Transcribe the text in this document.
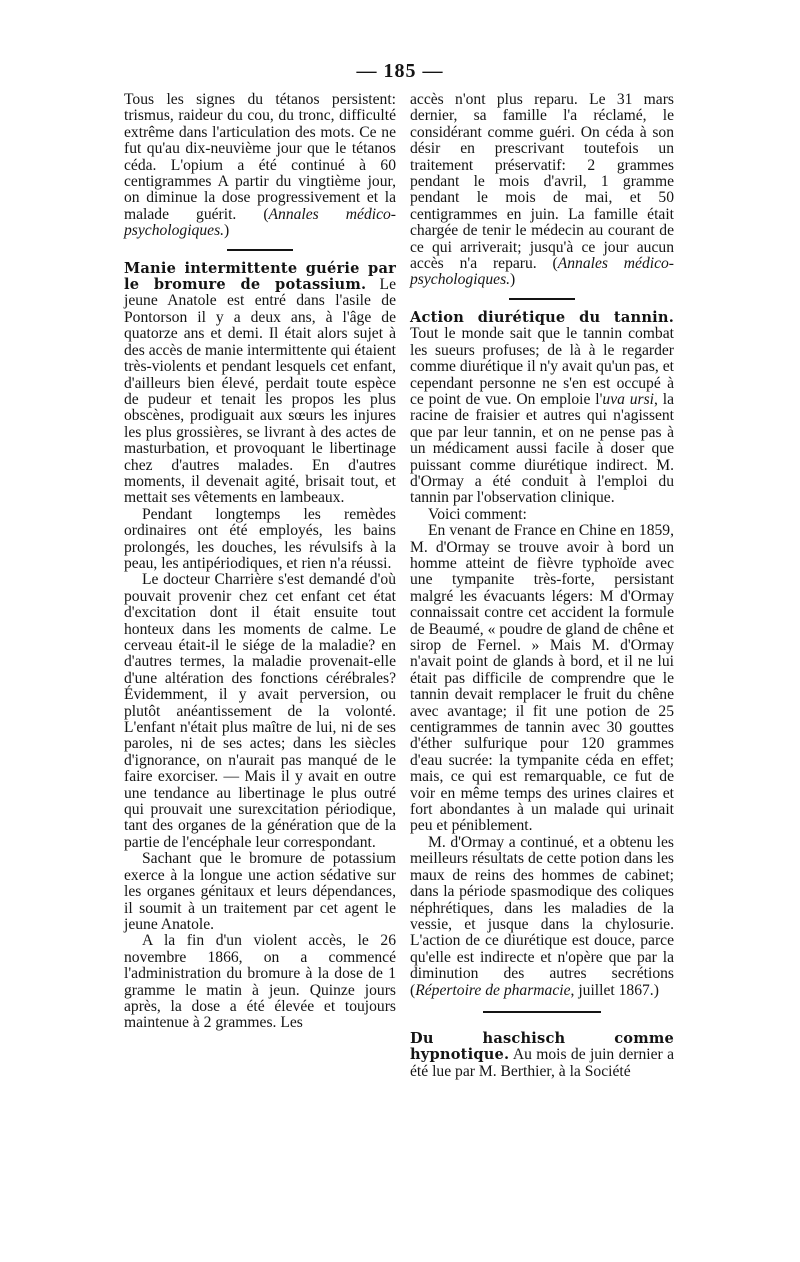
— 185 —

Tous les signes du tétanos persistent: trismus, raideur du cou, du tronc, difficulté extrême dans l'articulation des mots. Ce ne fut qu'au dix-neuvième jour que le tétanos céda. L'opium a été continué à 60 centigrammes A partir du vingtième jour, on diminue la dose progressivement et la malade guérit. (Annales médico-psychologiques.)

Manie intermittente guérie par le bromure de potassium. Le jeune Anatole est entré dans l'asile de Pontorson il y a deux ans, à l'âge de quatorze ans et demi. Il était alors sujet à des accès de manie intermittente qui étaient très-violents et pendant lesquels cet enfant, d'ailleurs bien élevé, perdait toute espèce de pudeur et tenait les propos les plus obscènes, prodiguait aux sœurs les injures les plus grossières, se livrant à des actes de masturbation, et provoquant le libertinage chez d'autres malades. En d'autres moments, il devenait agité, brisait tout, et mettait ses vêtements en lambeaux.

Pendant longtemps les remèdes ordinaires ont été employés, les bains prolongés, les douches, les révulsifs à la peau, les antipériodiques, et rien n'a réussi.

Le docteur Charrière s'est demandé d'où pouvait provenir chez cet enfant cet état d'excitation dont il était ensuite tout honteux dans les moments de calme. Le cerveau était-il le siége de la maladie? en d'autres termes, la maladie provenait-elle d'une altération des fonctions cérébrales? Évidemment, il y avait perversion, ou plutôt anéantissement de la volonté. L'enfant n'était plus maître de lui, ni de ses paroles, ni de ses actes; dans les siècles d'ignorance, on n'aurait pas manqué de le faire exorciser. — Mais il y avait en outre une tendance au libertinage le plus outré qui prouvait une surexcitation périodique, tant des organes de la génération que de la partie de l'encéphale leur correspondant.

Sachant que le bromure de potassium exerce à la longue une action sédative sur les organes génitaux et leurs dépendances, il soumit à un traitement par cet agent le jeune Anatole.

A la fin d'un violent accès, le 26 novembre 1866, on a commencé l'administration du bromure à la dose de 1 gramme le matin à jeun. Quinze jours après, la dose a été élevée et toujours maintenue à 2 grammes. Les

accès n'ont plus reparu. Le 31 mars dernier, sa famille l'a réclamé, le considérant comme guéri. On céda à son désir en prescrivant toutefois un traitement préservatif: 2 grammes pendant le mois d'avril, 1 gramme pendant le mois de mai, et 50 centigrammes en juin. La famille était chargée de tenir le médecin au courant de ce qui arriverait; jusqu'à ce jour aucun accès n'a reparu. (Annales médico-psychologiques.)

Action diurétique du tannin. Tout le monde sait que le tannin combat les sueurs profuses; de là à le regarder comme diurétique il n'y avait qu'un pas, et cependant personne ne s'en est occupé à ce point de vue. On emploie l'uva ursi, la racine de fraisier et autres qui n'agissent que par leur tannin, et on ne pense pas à un médicament aussi facile à doser que puissant comme diurétique indirect. M. d'Ormay a été conduit à l'emploi du tannin par l'observation clinique.

Voici comment:

En venant de France en Chine en 1859, M. d'Ormay se trouve avoir à bord un homme atteint de fièvre typhoïde avec une tympanite très-forte, persistant malgré les évacuants légers: M d'Ormay connaissait contre cet accident la formule de Beaumé, « poudre de gland de chêne et sirop de Fernel. » Mais M. d'Ormay n'avait point de glands à bord, et il ne lui était pas difficile de comprendre que le tannin devait remplacer le fruit du chêne avec avantage; il fit une potion de 25 centigrammes de tannin avec 30 gouttes d'éther sulfurique pour 120 grammes d'eau sucrée: la tympanite céda en effet; mais, ce qui est remarquable, ce fut de voir en même temps des urines claires et fort abondantes à un malade qui urinait peu et péniblement.

M. d'Ormay a continué, et a obtenu les meilleurs résultats de cette potion dans les maux de reins des hommes de cabinet; dans la période spasmodique des coliques néphrétiques, dans les maladies de la vessie, et jusque dans la chylosurie. L'action de ce diurétique est douce, parce qu'elle est indirecte et n'opère que par la diminution des autres secrétions (Répertoire de pharmacie, juillet 1867.)

Du haschisch comme hypnotique. Au mois de juin dernier a été lue par M. Berthier, à la Société
